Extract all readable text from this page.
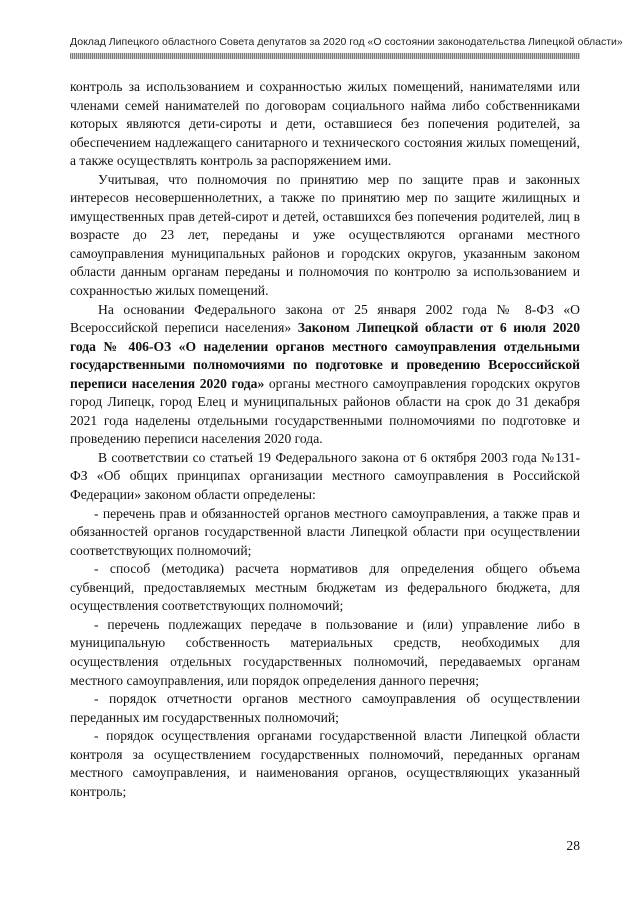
Доклад Липецкого областного Совета депутатов за 2020 год «О состоянии законодательства Липецкой области»

контроль за использованием и сохранностью жилых помещений, нанимателями или членами семей нанимателей по договорам социального найма либо собственниками которых являются дети-сироты и дети, оставшиеся без попечения родителей, за обеспечением надлежащего санитарного и технического состояния жилых помещений, а также осуществлять контроль за распоряжением ими.

Учитывая, что полномочия по принятию мер по защите прав и законных интересов несовершеннолетних, а также по принятию мер по защите жилищных и имущественных прав детей-сирот и детей, оставшихся без попечения родителей, лиц в возрасте до 23 лет, переданы и уже осуществляются органами местного самоуправления муниципальных районов и городских округов, указанным законом области данным органам переданы и полномочия по контролю за использованием и сохранностью жилых помещений.

На основании Федерального закона от 25 января 2002 года № 8-ФЗ «О Всероссийской переписи населения» Законом Липецкой области от 6 июля 2020 года № 406-ОЗ «О наделении органов местного самоуправления отдельными государственными полномочиями по подготовке и проведению Всероссийской переписи населения 2020 года» органы местного самоуправления городских округов город Липецк, город Елец и муниципальных районов области на срок до 31 декабря 2021 года наделены отдельными государственными полномочиями по подготовке и проведению переписи населения 2020 года.

В соответствии со статьей 19 Федерального закона от 6 октября 2003 года №131-ФЗ «Об общих принципах организации местного самоуправления в Российской Федерации» законом области определены:

- перечень прав и обязанностей органов местного самоуправления, а также прав и обязанностей органов государственной власти Липецкой области при осуществлении соответствующих полномочий;

- способ (методика) расчета нормативов для определения общего объема субвенций, предоставляемых местным бюджетам из федерального бюджета, для осуществления соответствующих полномочий;

- перечень подлежащих передаче в пользование и (или) управление либо в муниципальную собственность материальных средств, необходимых для осуществления отдельных государственных полномочий, передаваемых органам местного самоуправления, или порядок определения данного перечня;

- порядок отчетности органов местного самоуправления об осуществлении переданных им государственных полномочий;

- порядок осуществления органами государственной власти Липецкой области контроля за осуществлением государственных полномочий, переданных органам местного самоуправления, и наименования органов, осуществляющих указанный контроль;

28
